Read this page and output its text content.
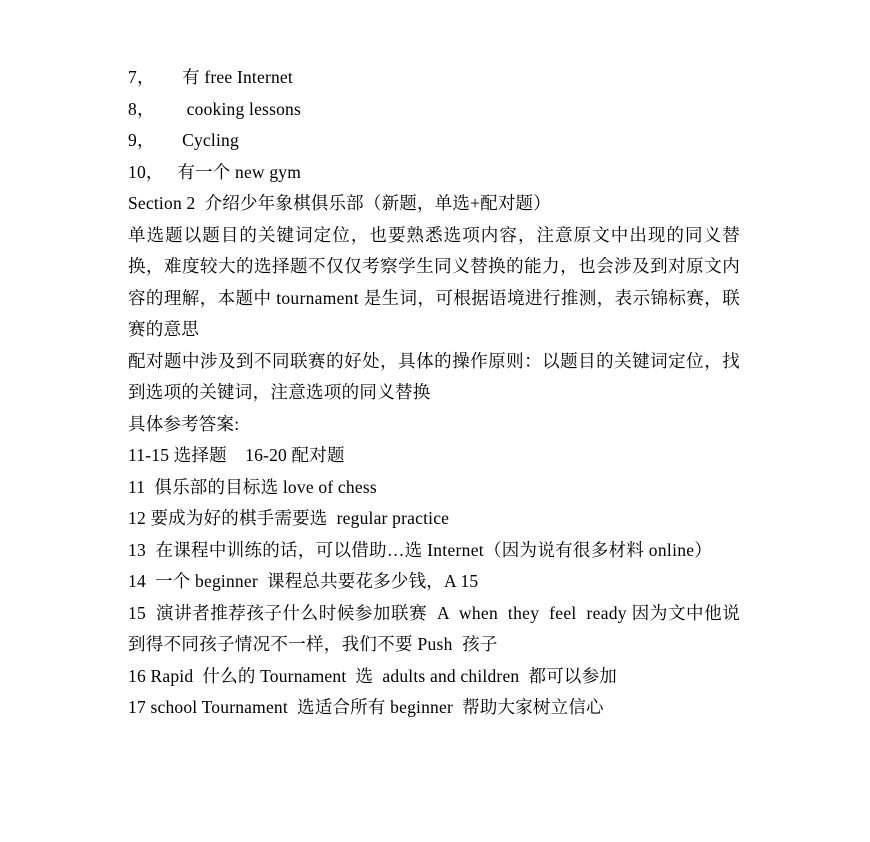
7，      有 free Internet
8，       cooking lessons
9，      Cycling
10，   有一个 new gym
Section 2  介绍少年象棋俱乐部（新题，单选+配对题）
单选题以题目的关键词定位，也要熟悉选项内容，注意原文中出现的同义替换，难度较大的选择题不仅仅考察学生同义替换的能力，也会涉及到对原文内容的理解，本题中 tournament 是生词，可根据语境进行推测，表示锦标赛，联赛的意思
配对题中涉及到不同联赛的好处，具体的操作原则：以题目的关键词定位，找到选项的关键词，注意选项的同义替换
具体参考答案:
11-15 选择题    16-20 配对题
11  俱乐部的目标选 love of chess
12 要成为好的棋手需要选  regular practice
13  在课程中训练的话，可以借助…选 Internet（因为说有很多材料 online）
14  一个 beginner  课程总共要花多少钱，A 15
15  演讲者推荐孩子什么时候参加联赛  A  when  they  feel  ready 因为文中他说到得不同孩子情况不一样，我们不要 Push  孩子
16 Rapid  什么的 Tournament  选  adults and children  都可以参加
17 school Tournament  选适合所有 beginner  帮助大家树立信心
